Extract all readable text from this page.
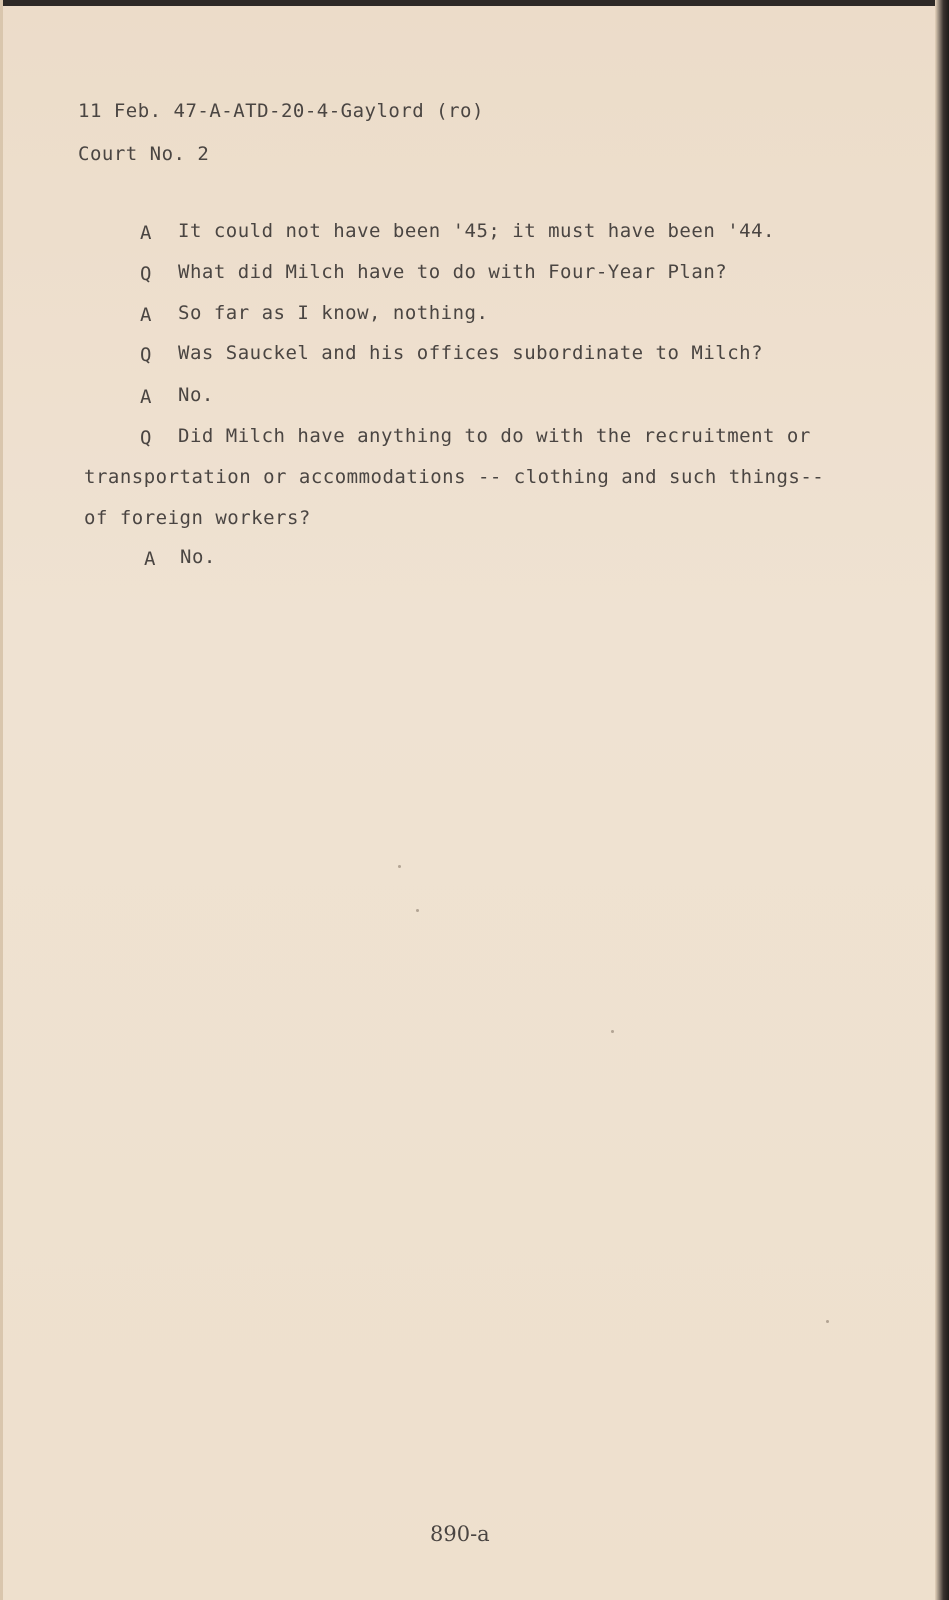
11 Feb. 47-A-ATD-20-4-Gaylord (ro)

Court No. 2

A It could not have been '45; it must have been '44.

Q What did Milch have to do with Four-Year Plan?

A So far as I know, nothing.

Q Was Sauckel and his offices subordinate to Milch?

A No.

Q Did Milch have anything to do with the recruitment or

transportation or accommodations -- clothing and such things--

of foreign workers?

A No.

890-a
